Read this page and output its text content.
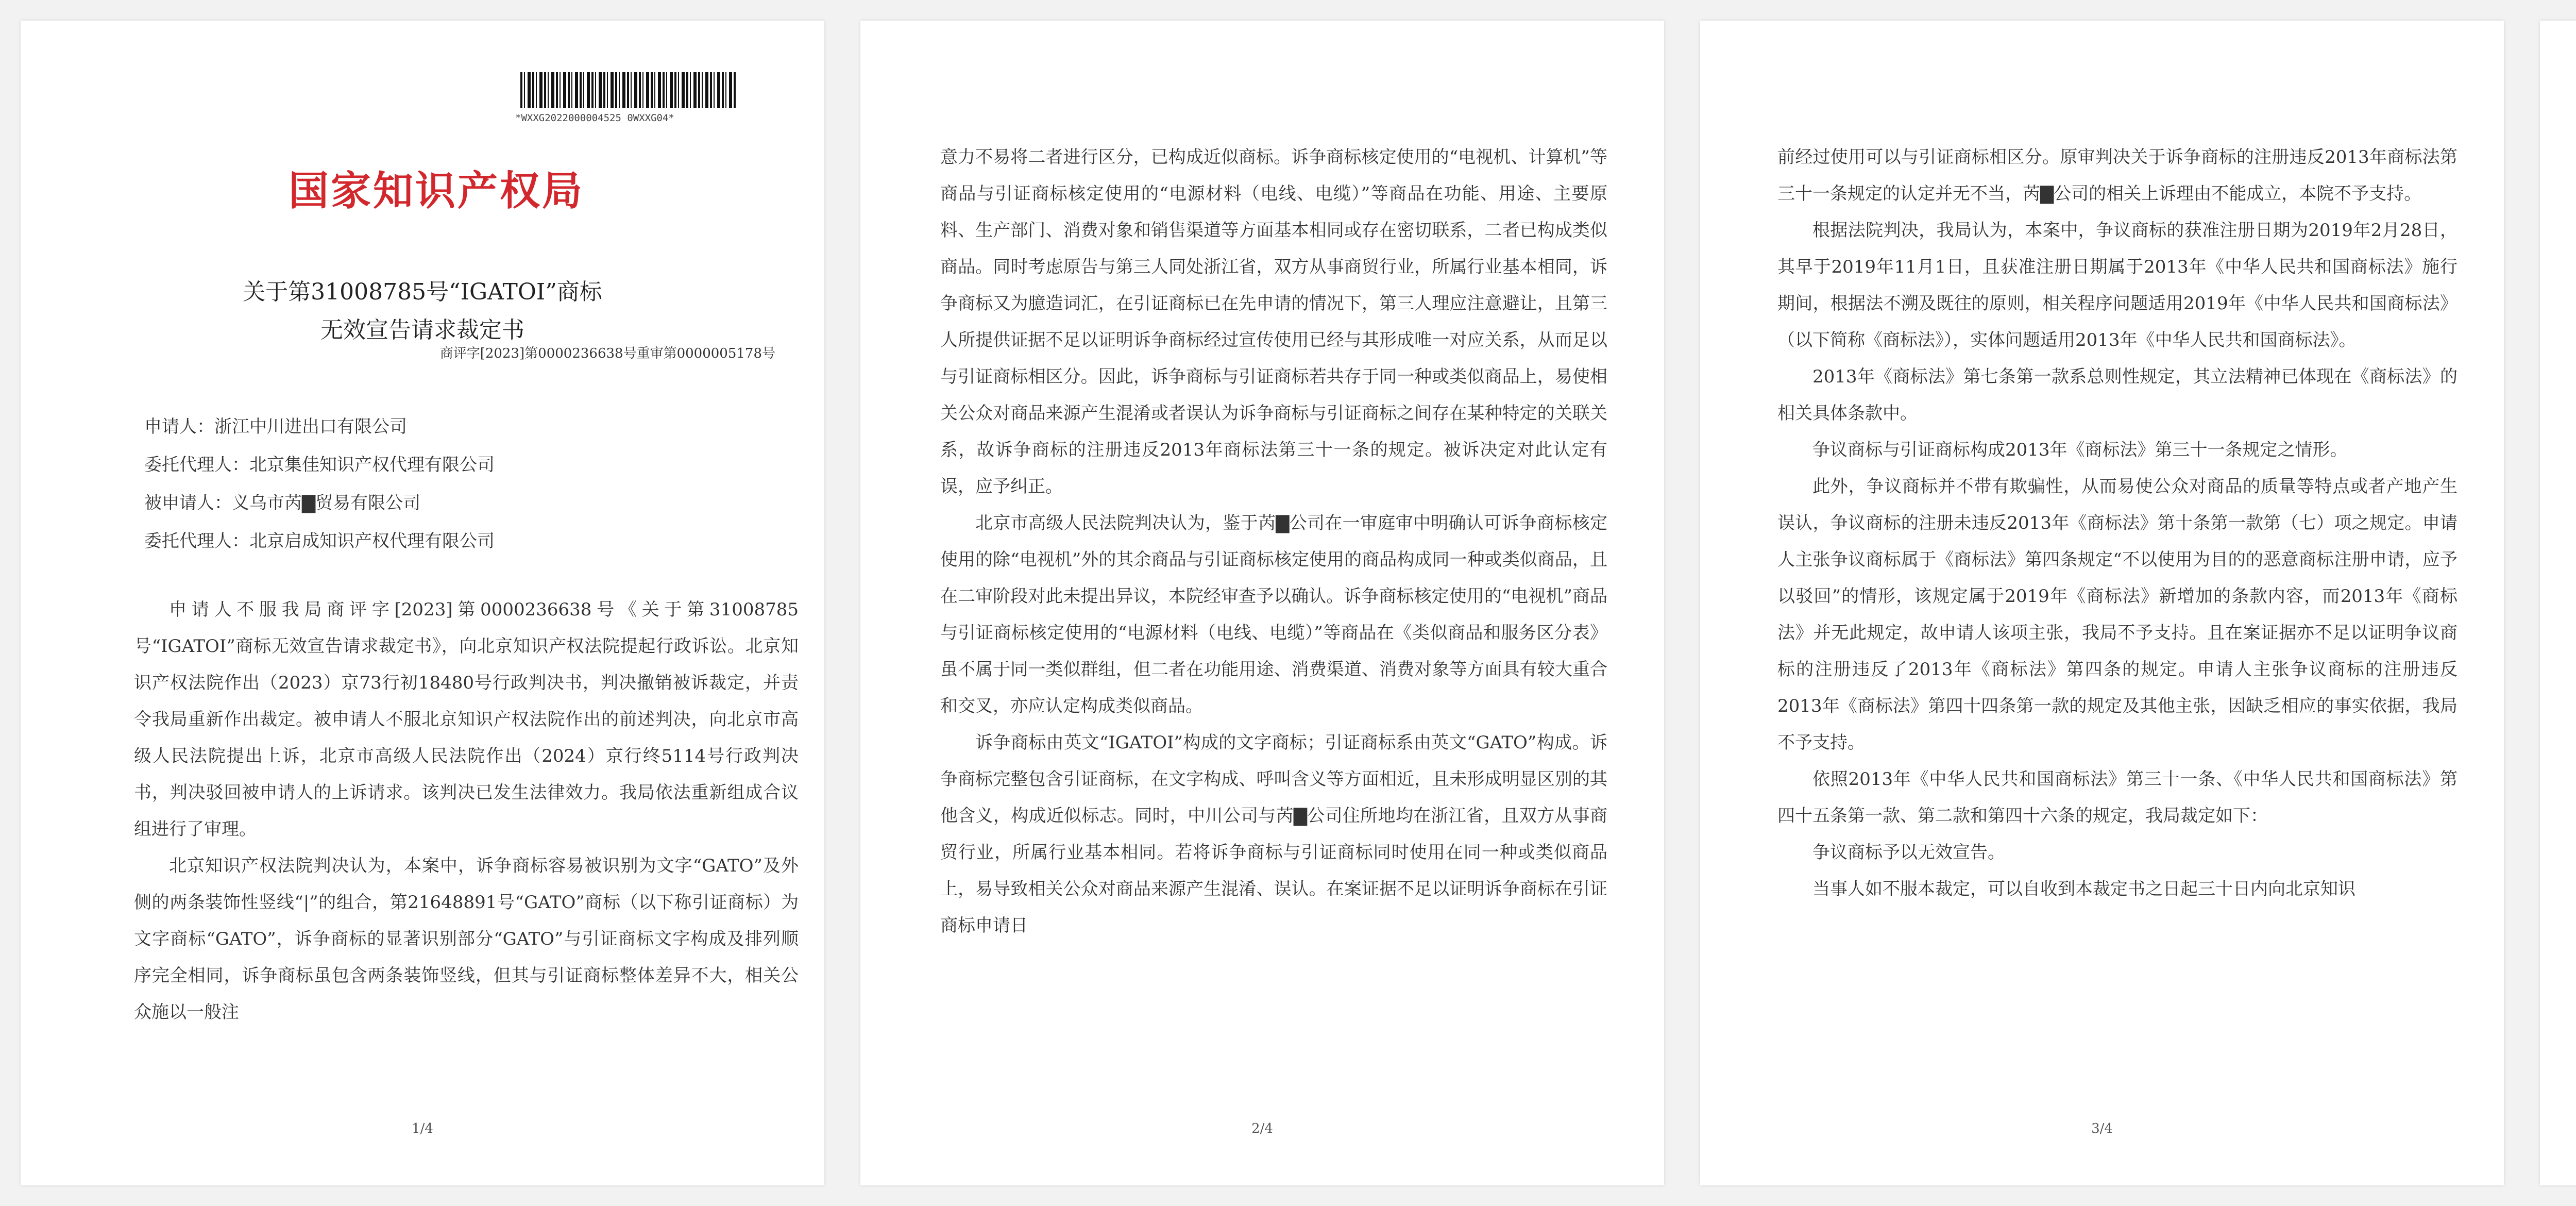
*WXXG2022000004525 0WXXG04*
国家知识产权局
关于第31008785号“IGATOI”商标
无效宣告请求裁定书
商评字[2023]第0000236638号重审第0000005178号
申请人：浙江中川进出口有限公司
委托代理人：北京集佳知识产权代理有限公司
被申请人：义乌市芮▇贸易有限公司
委托代理人：北京启成知识产权代理有限公司

申请人不服我局商评字[2023]第0000236638号《关于第31008785号“IGATOI”商标无效宣告请求裁定书》，向北京知识产权法院提起行政诉讼。北京知识产权法院作出（2023）京73行初18480号行政判决书，判决撤销被诉裁定，并责令我局重新作出裁定。被申请人不服北京知识产权法院作出的前述判决，向北京市高级人民法院提出上诉，北京市高级人民法院作出（2024）京行终5114号行政判决书，判决驳回被申请人的上诉请求。该判决已发生法律效力。我局依法重新组成合议组进行了审理。

北京知识产权法院判决认为，本案中，诉争商标容易被识别为文字“GATO”及外侧的两条装饰性竖线“|”的组合，第21648891号“GATO”商标（以下称引证商标）为文字商标“GATO”，诉争商标的显著识别部分“GATO”与引证商标文字构成及排列顺序完全相同，诉争商标虽包含两条装饰竖线，但其与引证商标整体差异不大，相关公众施以一般注

1/4

意力不易将二者进行区分，已构成近似商标。诉争商标核定使用的“电视机、计算机”等商品与引证商标核定使用的“电源材料（电线、电缆）”等商品在功能、用途、主要原料、生产部门、消费对象和销售渠道等方面基本相同或存在密切联系，二者已构成类似商品。同时考虑原告与第三人同处浙江省，双方从事商贸行业，所属行业基本相同，诉争商标又为臆造词汇，在引证商标已在先申请的情况下，第三人理应注意避让，且第三人所提供证据不足以证明诉争商标经过宣传使用已经与其形成唯一对应关系，从而足以与引证商标相区分。因此，诉争商标与引证商标若共存于同一种或类似商品上，易使相关公众对商品来源产生混淆或者误认为诉争商标与引证商标之间存在某种特定的关联关系，故诉争商标的注册违反2013年商标法第三十一条的规定。被诉决定对此认定有误，应予纠正。

北京市高级人民法院判决认为，鉴于芮▇公司在一审庭审中明确认可诉争商标核定使用的除“电视机”外的其余商品与引证商标核定使用的商品构成同一种或类似商品，且在二审阶段对此未提出异议，本院经审查予以确认。诉争商标核定使用的“电视机”商品与引证商标核定使用的“电源材料（电线、电缆）”等商品在《类似商品和服务区分表》虽不属于同一类似群组，但二者在功能用途、消费渠道、消费对象等方面具有较大重合和交叉，亦应认定构成类似商品。

诉争商标由英文“IGATOI”构成的文字商标；引证商标系由英文“GATO”构成。诉争商标完整包含引证商标，在文字构成、呼叫含义等方面相近，且未形成明显区别的其他含义，构成近似标志。同时，中川公司与芮▇公司住所地均在浙江省，且双方从事商贸行业，所属行业基本相同。若将诉争商标与引证商标同时使用在同一种或类似商品上，易导致相关公众对商品来源产生混淆、误认。在案证据不足以证明诉争商标在引证商标申请日

2/4

前经过使用可以与引证商标相区分。原审判决关于诉争商标的注册违反2013年商标法第三十一条规定的认定并无不当，芮▇公司的相关上诉理由不能成立，本院不予支持。

根据法院判决，我局认为，本案中，争议商标的获准注册日期为2019年2月28日，其早于2019年11月1日，且获准注册日期属于2013年《中华人民共和国商标法》施行期间，根据法不溯及既往的原则，相关程序问题适用2019年《中华人民共和国商标法》（以下简称《商标法》），实体问题适用2013年《中华人民共和国商标法》。

2013年《商标法》第七条第一款系总则性规定，其立法精神已体现在《商标法》的相关具体条款中。

争议商标与引证商标构成2013年《商标法》第三十一条规定之情形。

此外，争议商标并不带有欺骗性，从而易使公众对商品的质量等特点或者产地产生误认，争议商标的注册未违反2013年《商标法》第十条第一款第（七）项之规定。申请人主张争议商标属于《商标法》第四条规定“不以使用为目的的恶意商标注册申请，应予以驳回”的情形，该规定属于2019年《商标法》新增加的条款内容，而2013年《商标法》并无此规定，故申请人该项主张，我局不予支持。且在案证据亦不足以证明争议商标的注册违反了2013年《商标法》第四条的规定。申请人主张争议商标的注册违反2013年《商标法》第四十四条第一款的规定及其他主张，因缺乏相应的事实依据，我局不予支持。

依照2013年《中华人民共和国商标法》第三十一条、《中华人民共和国商标法》第四十五条第一款、第二款和第四十六条的规定，我局裁定如下：

争议商标予以无效宣告。

当事人如不服本裁定，可以自收到本裁定书之日起三十日内向北京知识

3/4
